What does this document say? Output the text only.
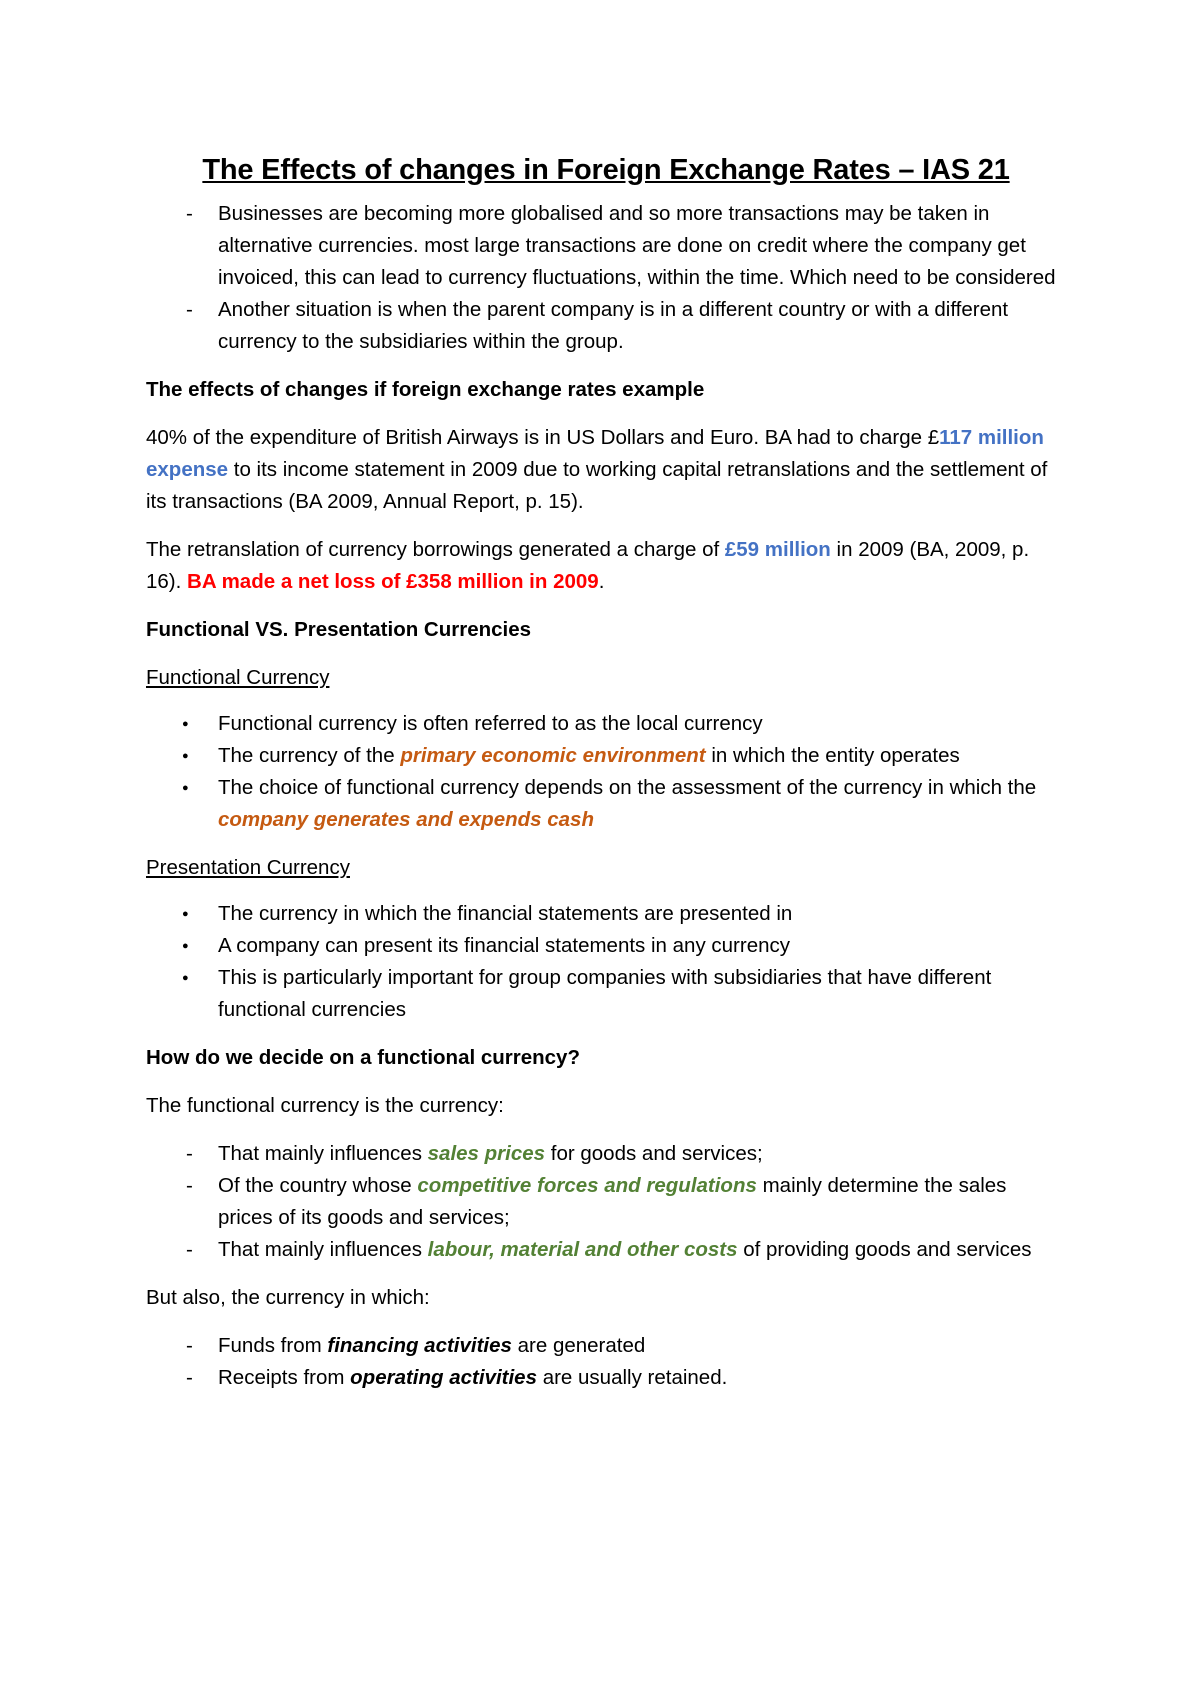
The Effects of changes in Foreign Exchange Rates – IAS 21
- Businesses are becoming more globalised and so more transactions may be taken in alternative currencies. most large transactions are done on credit where the company get invoiced, this can lead to currency fluctuations, within the time. Which need to be considered
- Another situation is when the parent company is in a different country or with a different currency to the subsidiaries within the group.

The effects of changes if foreign exchange rates example

40% of the expenditure of British Airways is in US Dollars and Euro. BA had to charge £117 million expense to its income statement in 2009 due to working capital retranslations and the settlement of its transactions (BA 2009, Annual Report, p. 15).

The retranslation of currency borrowings generated a charge of £59 million in 2009 (BA, 2009, p. 16). BA made a net loss of £358 million in 2009.

Functional VS. Presentation Currencies

Functional Currency

● Functional currency is often referred to as the local currency
● The currency of the primary economic environment in which the entity operates
● The choice of functional currency depends on the assessment of the currency in which the company generates and expends cash

Presentation Currency

● The currency in which the financial statements are presented in
● A company can present its financial statements in any currency
● This is particularly important for group companies with subsidiaries that have different functional currencies

How do we decide on a functional currency?

The functional currency is the currency:

- That mainly influences sales prices for goods and services;
- Of the country whose competitive forces and regulations mainly determine the sales prices of its goods and services;
- That mainly influences labour, material and other costs of providing goods and services

But also, the currency in which:

- Funds from financing activities are generated
- Receipts from operating activities are usually retained.
